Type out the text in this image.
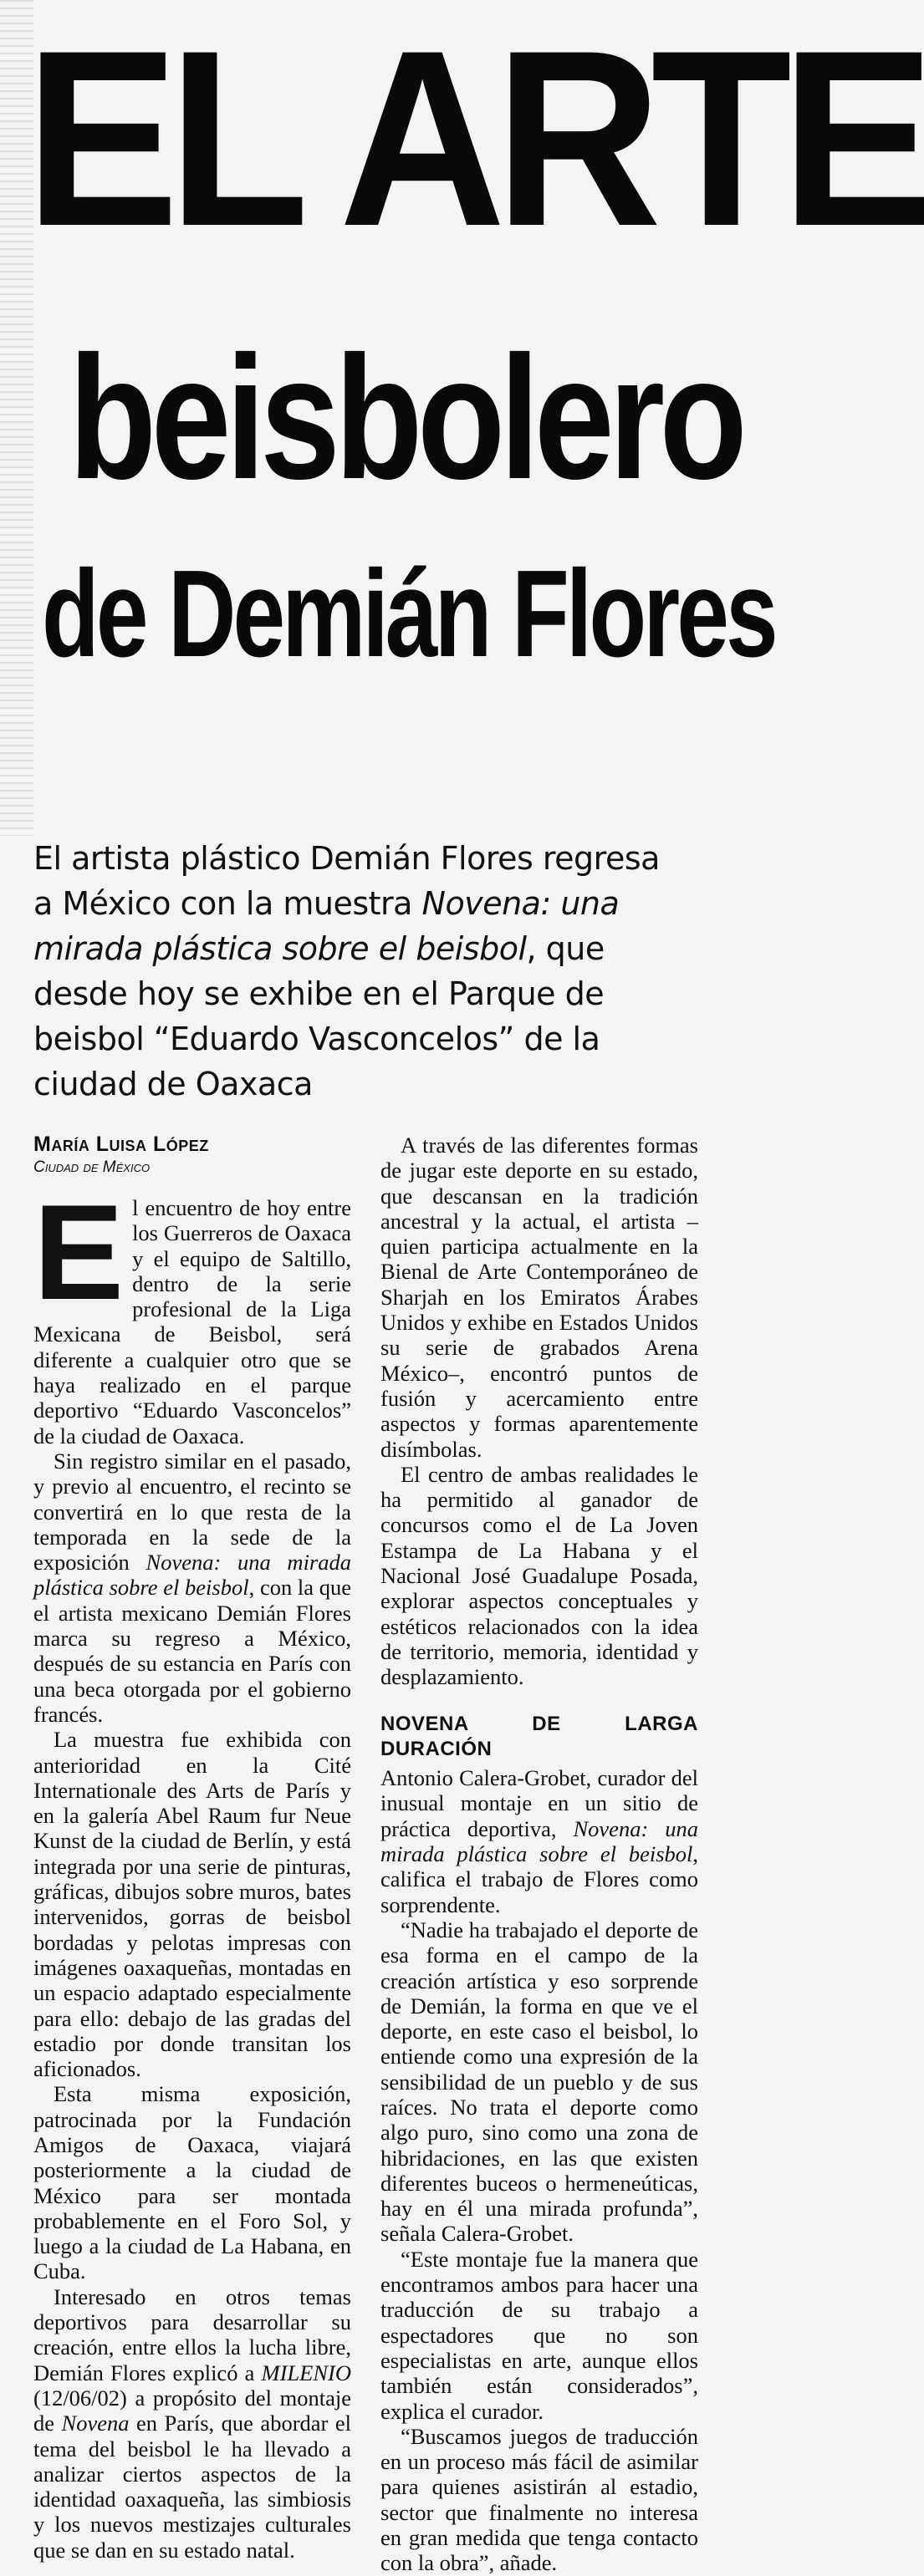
EL ARTE
beisbolero
de Demián Flores
El artista plástico Demián Flores regresa a México con la muestra Novena: una mirada plástica sobre el beisbol, que desde hoy se exhibe en el Parque de beisbol “Eduardo Vasconcelos” de la ciudad de Oaxaca
María Luisa López
Ciudad de México

El encuentro de hoy entre los Guerreros de Oaxaca y el equipo de Saltillo, dentro de la serie profesional de la Liga Mexicana de Beisbol, será diferente a cualquier otro que se haya realizado en el parque deportivo “Eduardo Vasconcelos” de la ciudad de Oaxaca.

Sin registro similar en el pasado, y previo al encuentro, el recinto se convertirá en lo que resta de la temporada en la sede de la exposición Novena: una mirada plástica sobre el beisbol, con la que el artista mexicano Demián Flores marca su regreso a México, después de su estancia en París con una beca otorgada por el gobierno francés.

La muestra fue exhibida con anterioridad en la Cité Internationale des Arts de París y en la galería Abel Raum fur Neue Kunst de la ciudad de Berlín, y está integrada por una serie de pinturas, gráficas, dibujos sobre muros, bates intervenidos, gorras de beisbol bordadas y pelotas impresas con imágenes oaxaqueñas, montadas en un espacio adaptado especialmente para ello: debajo de las gradas del estadio por donde transitan los aficionados.

Esta misma exposición, patrocinada por la Fundación Amigos de Oaxaca, viajará posteriormente a la ciudad de México para ser montada probablemente en el Foro Sol, y luego a la ciudad de La Habana, en Cuba.

Interesado en otros temas deportivos para desarrollar su creación, entre ellos la lucha libre, Demián Flores explicó a MILENIO (12/06/02) a propósito del montaje de Novena en París, que abordar el tema del beisbol le ha llevado a analizar ciertos aspectos de la identidad oaxaqueña, las simbiosis y los nuevos mestizajes culturales que se dan en su estado natal.

A través de las diferentes formas de jugar este deporte en su estado, que descansan en la tradición ancestral y la actual, el artista –quien participa actualmente en la Bienal de Arte Contemporáneo de Sharjah en los Emiratos Árabes Unidos y exhibe en Estados Unidos su serie de grabados Arena México–, encontró puntos de fusión y acercamiento entre aspectos y formas aparentemente disímbolas.

El centro de ambas realidades le ha permitido al ganador de concursos como el de La Joven Estampa de La Habana y el Nacional José Guadalupe Posada, explorar aspectos conceptuales y estéticos relacionados con la idea de territorio, memoria, identidad y desplazamiento.

NOVENA DE LARGA DURACIÓN

Antonio Calera-Grobet, curador del inusual montaje en un sitio de práctica deportiva, Novena: una mirada plástica sobre el beisbol, califica el trabajo de Flores como sorprendente.

“Nadie ha trabajado el deporte de esa forma en el campo de la creación artística y eso sorprende de Demián, la forma en que ve el deporte, en este caso el beisbol, lo entiende como una expresión de la sensibilidad de un pueblo y de sus raíces. No trata el deporte como algo puro, sino como una zona de hibridaciones, en las que existen diferentes buceos o hermeneúticas, hay en él una mirada profunda”, señala Calera-Grobet.

“Este montaje fue la manera que encontramos ambos para hacer una traducción de su trabajo a espectadores que no son especialistas en arte, aunque ellos también están considerados”, explica el curador.

“Buscamos juegos de traducción en un proceso más fácil de asimilar para quienes asistirán al estadio, sector que finalmente no interesa en gran medida que tenga contacto con la obra”, añade.
